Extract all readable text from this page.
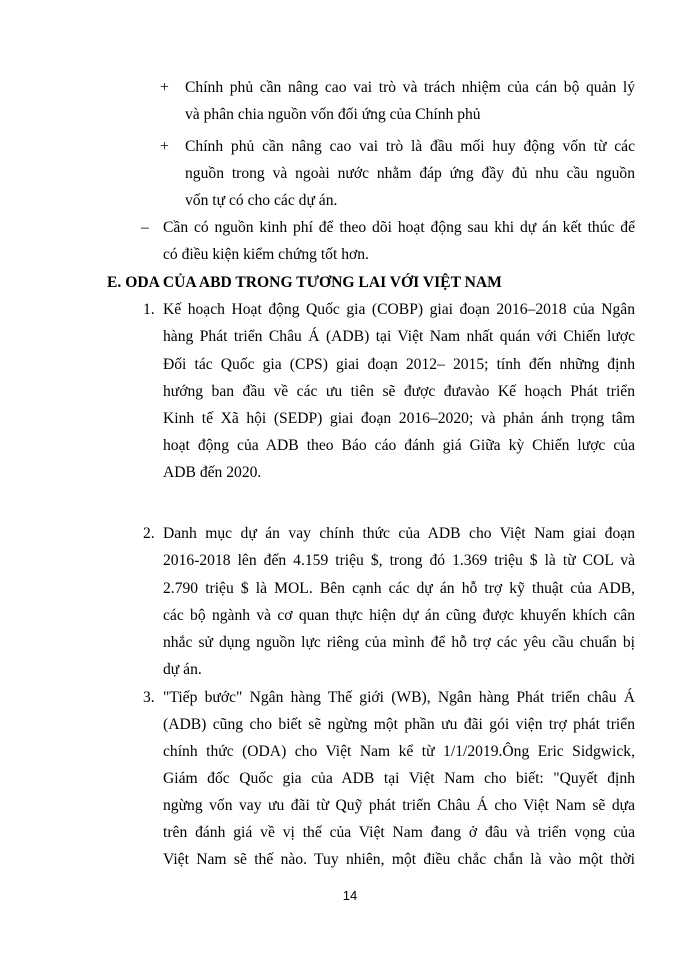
+ Chính phủ cần nâng cao vai trò và trách nhiệm của cán bộ quản lý
và phân chia nguồn vốn đối ứng của Chính phủ
+ Chính phủ cần nâng cao vai trò là đầu mối huy động vốn từ các
nguồn trong và ngoài nước nhằm đáp ứng đầy đủ nhu cầu nguồn
vốn tự có cho các dự án.
– Cần có nguồn kinh phí để theo dõi hoạt động sau khi dự án kết thúc để
có điều kiện kiểm chứng tốt hơn.
E. ODA CỦA ABD TRONG TƯƠNG LAI VỚI VIỆT NAM
1. Kế hoạch Hoạt động Quốc gia (COBP) giai đoạn 2016–2018 của Ngân
hàng Phát triển Châu Á (ADB) tại Việt Nam nhất quán với Chiến lược
Đối tác Quốc gia (CPS) giai đoạn 2012– 2015; tính đến những định
hướng ban đầu về các ưu tiên sẽ được đưavào Kế hoạch Phát triển
Kinh tế Xã hội (SEDP) giai đoạn 2016–2020; và phản ánh trọng tâm
hoạt động của ADB theo Báo cáo đánh giá Giữa kỳ Chiến lược của
ADB đến 2020.
2. Danh mục dự án vay chính thức của ADB cho Việt Nam giai đoạn
2016-2018 lên đến 4.159 triệu $, trong đó 1.369 triệu $ là từ COL và
2.790 triệu $ là MOL. Bên cạnh các dự án hỗ trợ kỹ thuật của ADB,
các bộ ngành và cơ quan thực hiện dự án cũng được khuyến khích cân
nhắc sử dụng nguồn lực riêng của mình để hỗ trợ các yêu cầu chuẩn bị
dự án.
3. "Tiếp bước" Ngân hàng Thế giới (WB), Ngân hàng Phát triển châu Á
(ADB) cũng cho biết sẽ ngừng một phần ưu đãi gói viện trợ phát triển
chính thức (ODA) cho Việt Nam kể từ 1/1/2019.Ông Eric Sidgwick,
Giám đốc Quốc gia của ADB tại Việt Nam cho biết: "Quyết định
ngừng vốn vay ưu đãi từ Quỹ phát triển Châu Á cho Việt Nam sẽ dựa
trên đánh giá về vị thế của Việt Nam đang ở đâu và triển vọng của
Việt Nam sẽ thế nào. Tuy nhiên, một điều chắc chắn là vào một thời
14
